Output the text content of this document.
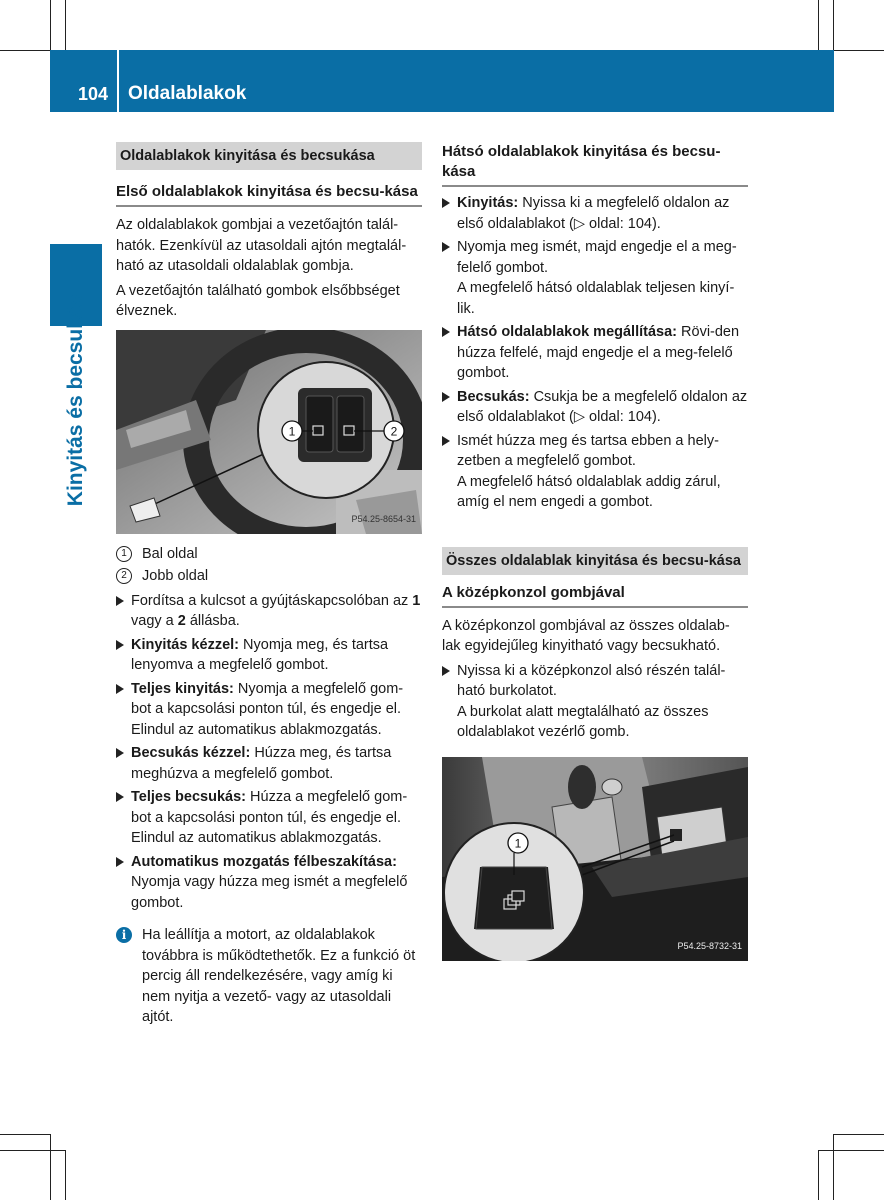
104 Oldalablakok
Kinyitás és becsukás
Oldalablakok kinyitása és becsukása
Első oldalablakok kinyitása és becsu-kása

Az oldalablakok gombjai a vezetőajtón talál-hatók. Ezenkívül az utasoldali ajtón megtalál-ható az utasoldali oldalablak gombja.

A vezetőajtón található gombok elsőbbséget élveznek.

1	2
P54.25-8654-31
1	Bal oldal
2	Jobb oldal
Fordítsa a kulcsot a gyújtáskapcsolóban az 1 vagy a 2 állásba.
Kinyitás kézzel: Nyomja meg, és tartsa lenyomva a megfelelő gombot.
Teljes kinyitás: Nyomja a megfelelő gom-bot a kapcsolási ponton túl, és engedje el. Elindul az automatikus ablakmozgatás.
Becsukás kézzel: Húzza meg, és tartsa meghúzva a megfelelő gombot.
Teljes becsukás: Húzza a megfelelő gom-bot a kapcsolási ponton túl, és engedje el. Elindul az automatikus ablakmozgatás.
Automatikus mozgatás félbeszakítása: Nyomja vagy húzza meg ismét a megfelelő gombot.
i	Ha leállítja a motort, az oldalablakok továbbra is működtethetők. Ez a funkció öt percig áll rendelkezésére, vagy amíg ki nem nyitja a vezető- vagy az utasoldali ajtót.
Hátsó oldalablakok kinyitása és becsu-kása
Kinyitás: Nyissa ki a megfelelő oldalon az első oldalablakot (▷ oldal: 104).
Nyomja meg ismét, majd engedje el a meg-felelő gombot.
A megfelelő hátsó oldalablak teljesen kinyí-lik.
Hátsó oldalablakok megállítása: Rövi-den húzza felfelé, majd engedje el a meg-felelő gombot.
Becsukás: Csukja be a megfelelő oldalon az első oldalablakot (▷ oldal: 104).
Ismét húzza meg és tartsa ebben a hely-zetben a megfelelő gombot.
A megfelelő hátsó oldalablak addig zárul, amíg el nem engedi a gombot.
Összes oldalablak kinyitása és becsu-kása
A középkonzol gombjával

A középkonzol gombjával az összes oldalab-lak egyidejűleg kinyitható vagy becsukható.

Nyissa ki a középkonzol alsó részén talál-ható burkolatot.
A burkolat alatt megtalálható az összes oldalablakot vezérlő gomb.
1
P54.25-8732-31
